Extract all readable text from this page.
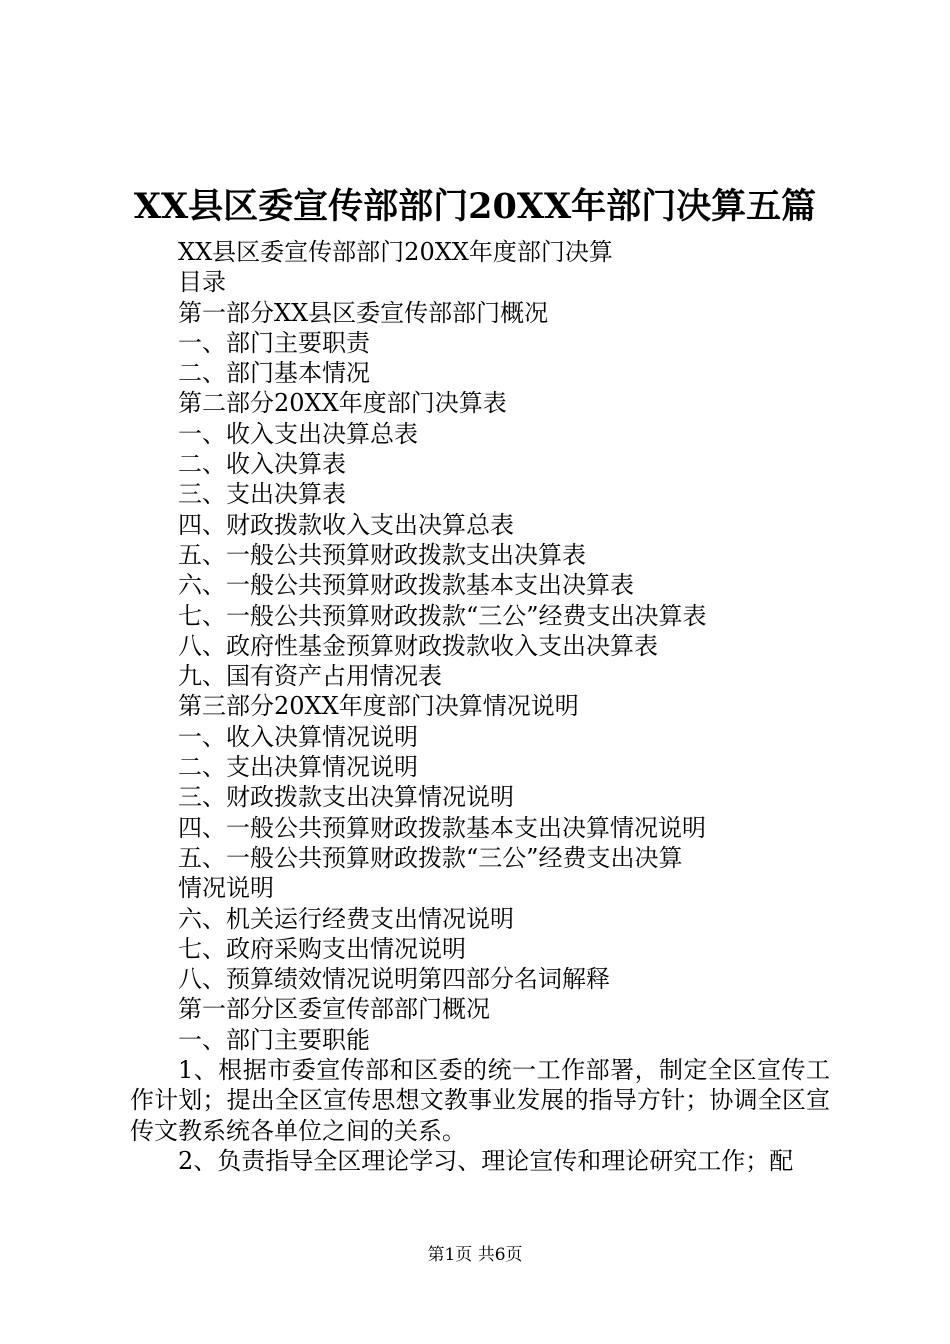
XX县区委宣传部部门20XX年部门决算五篇
XX县区委宣传部部门20XX年度部门决算
目录
第一部分XX县区委宣传部部门概况
一、部门主要职责
二、部门基本情况
第二部分20XX年度部门决算表
一、收入支出决算总表
二、收入决算表
三、支出决算表
四、财政拨款收入支出决算总表
五、一般公共预算财政拨款支出决算表
六、一般公共预算财政拨款基本支出决算表
七、一般公共预算财政拨款“三公”经费支出决算表
八、政府性基金预算财政拨款收入支出决算表
九、国有资产占用情况表
第三部分20XX年度部门决算情况说明
一、收入决算情况说明
二、支出决算情况说明
三、财政拨款支出决算情况说明
四、一般公共预算财政拨款基本支出决算情况说明
五、一般公共预算财政拨款“三公”经费支出决算
情况说明
六、机关运行经费支出情况说明
七、政府采购支出情况说明
八、预算绩效情况说明第四部分名词解释
第一部分区委宣传部部门概况
一、部门主要职能

1、根据市委宣传部和区委的统一工作部署，制定全区宣传工作计划；提出全区宣传思想文教事业发展的指导方针；协调全区宣传文教系统各单位之间的关系。

2、负责指导全区理论学习、理论宣传和理论研究工作；配

第1页 共6页
